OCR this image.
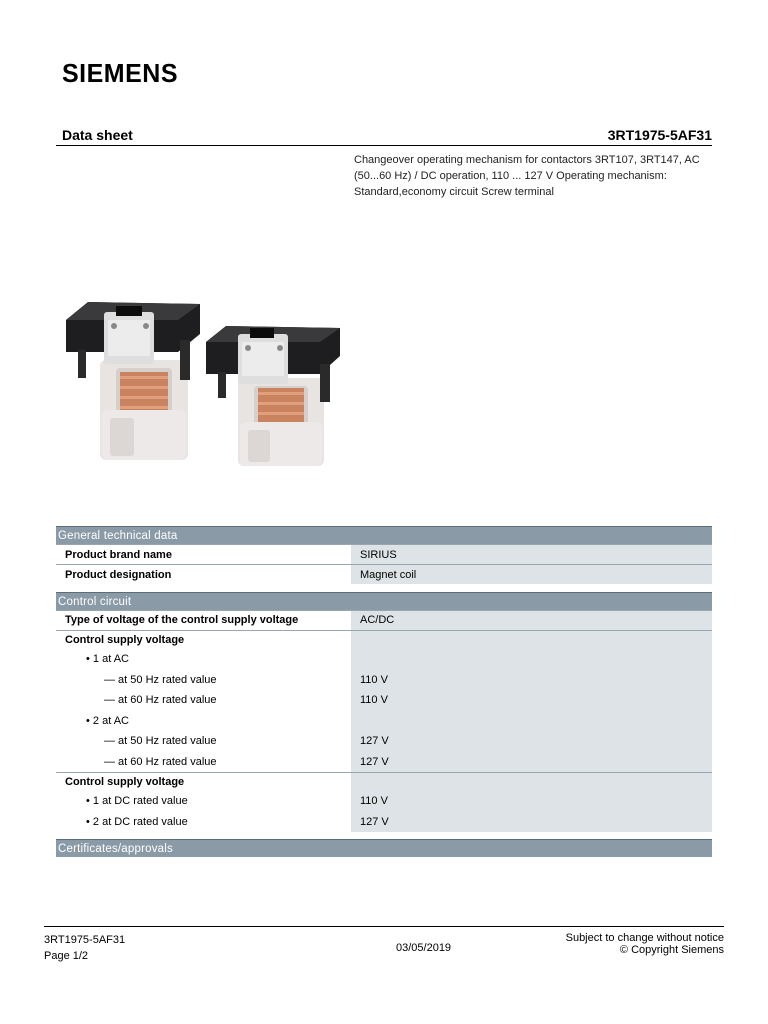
SIEMENS
Data sheet	3RT1975-5AF31
Changeover operating mechanism for contactors 3RT107, 3RT147, AC (50...60 Hz) / DC operation, 110 ... 127 V Operating mechanism: Standard,economy circuit Screw terminal
General technical data
Product brand name	SIRIUS
Product designation	Magnet coil
Control circuit
Type of voltage of the control supply voltage	AC/DC
Control supply voltage
• 1 at AC
— at 50 Hz rated value	110 V
— at 60 Hz rated value	110 V
• 2 at AC
— at 50 Hz rated value	127 V
— at 60 Hz rated value	127 V
Control supply voltage
• 1 at DC rated value	110 V
• 2 at DC rated value	127 V
Certificates/approvals
3RT1975-5AF31
Page 1/2
03/05/2019
Subject to change without notice
© Copyright Siemens
